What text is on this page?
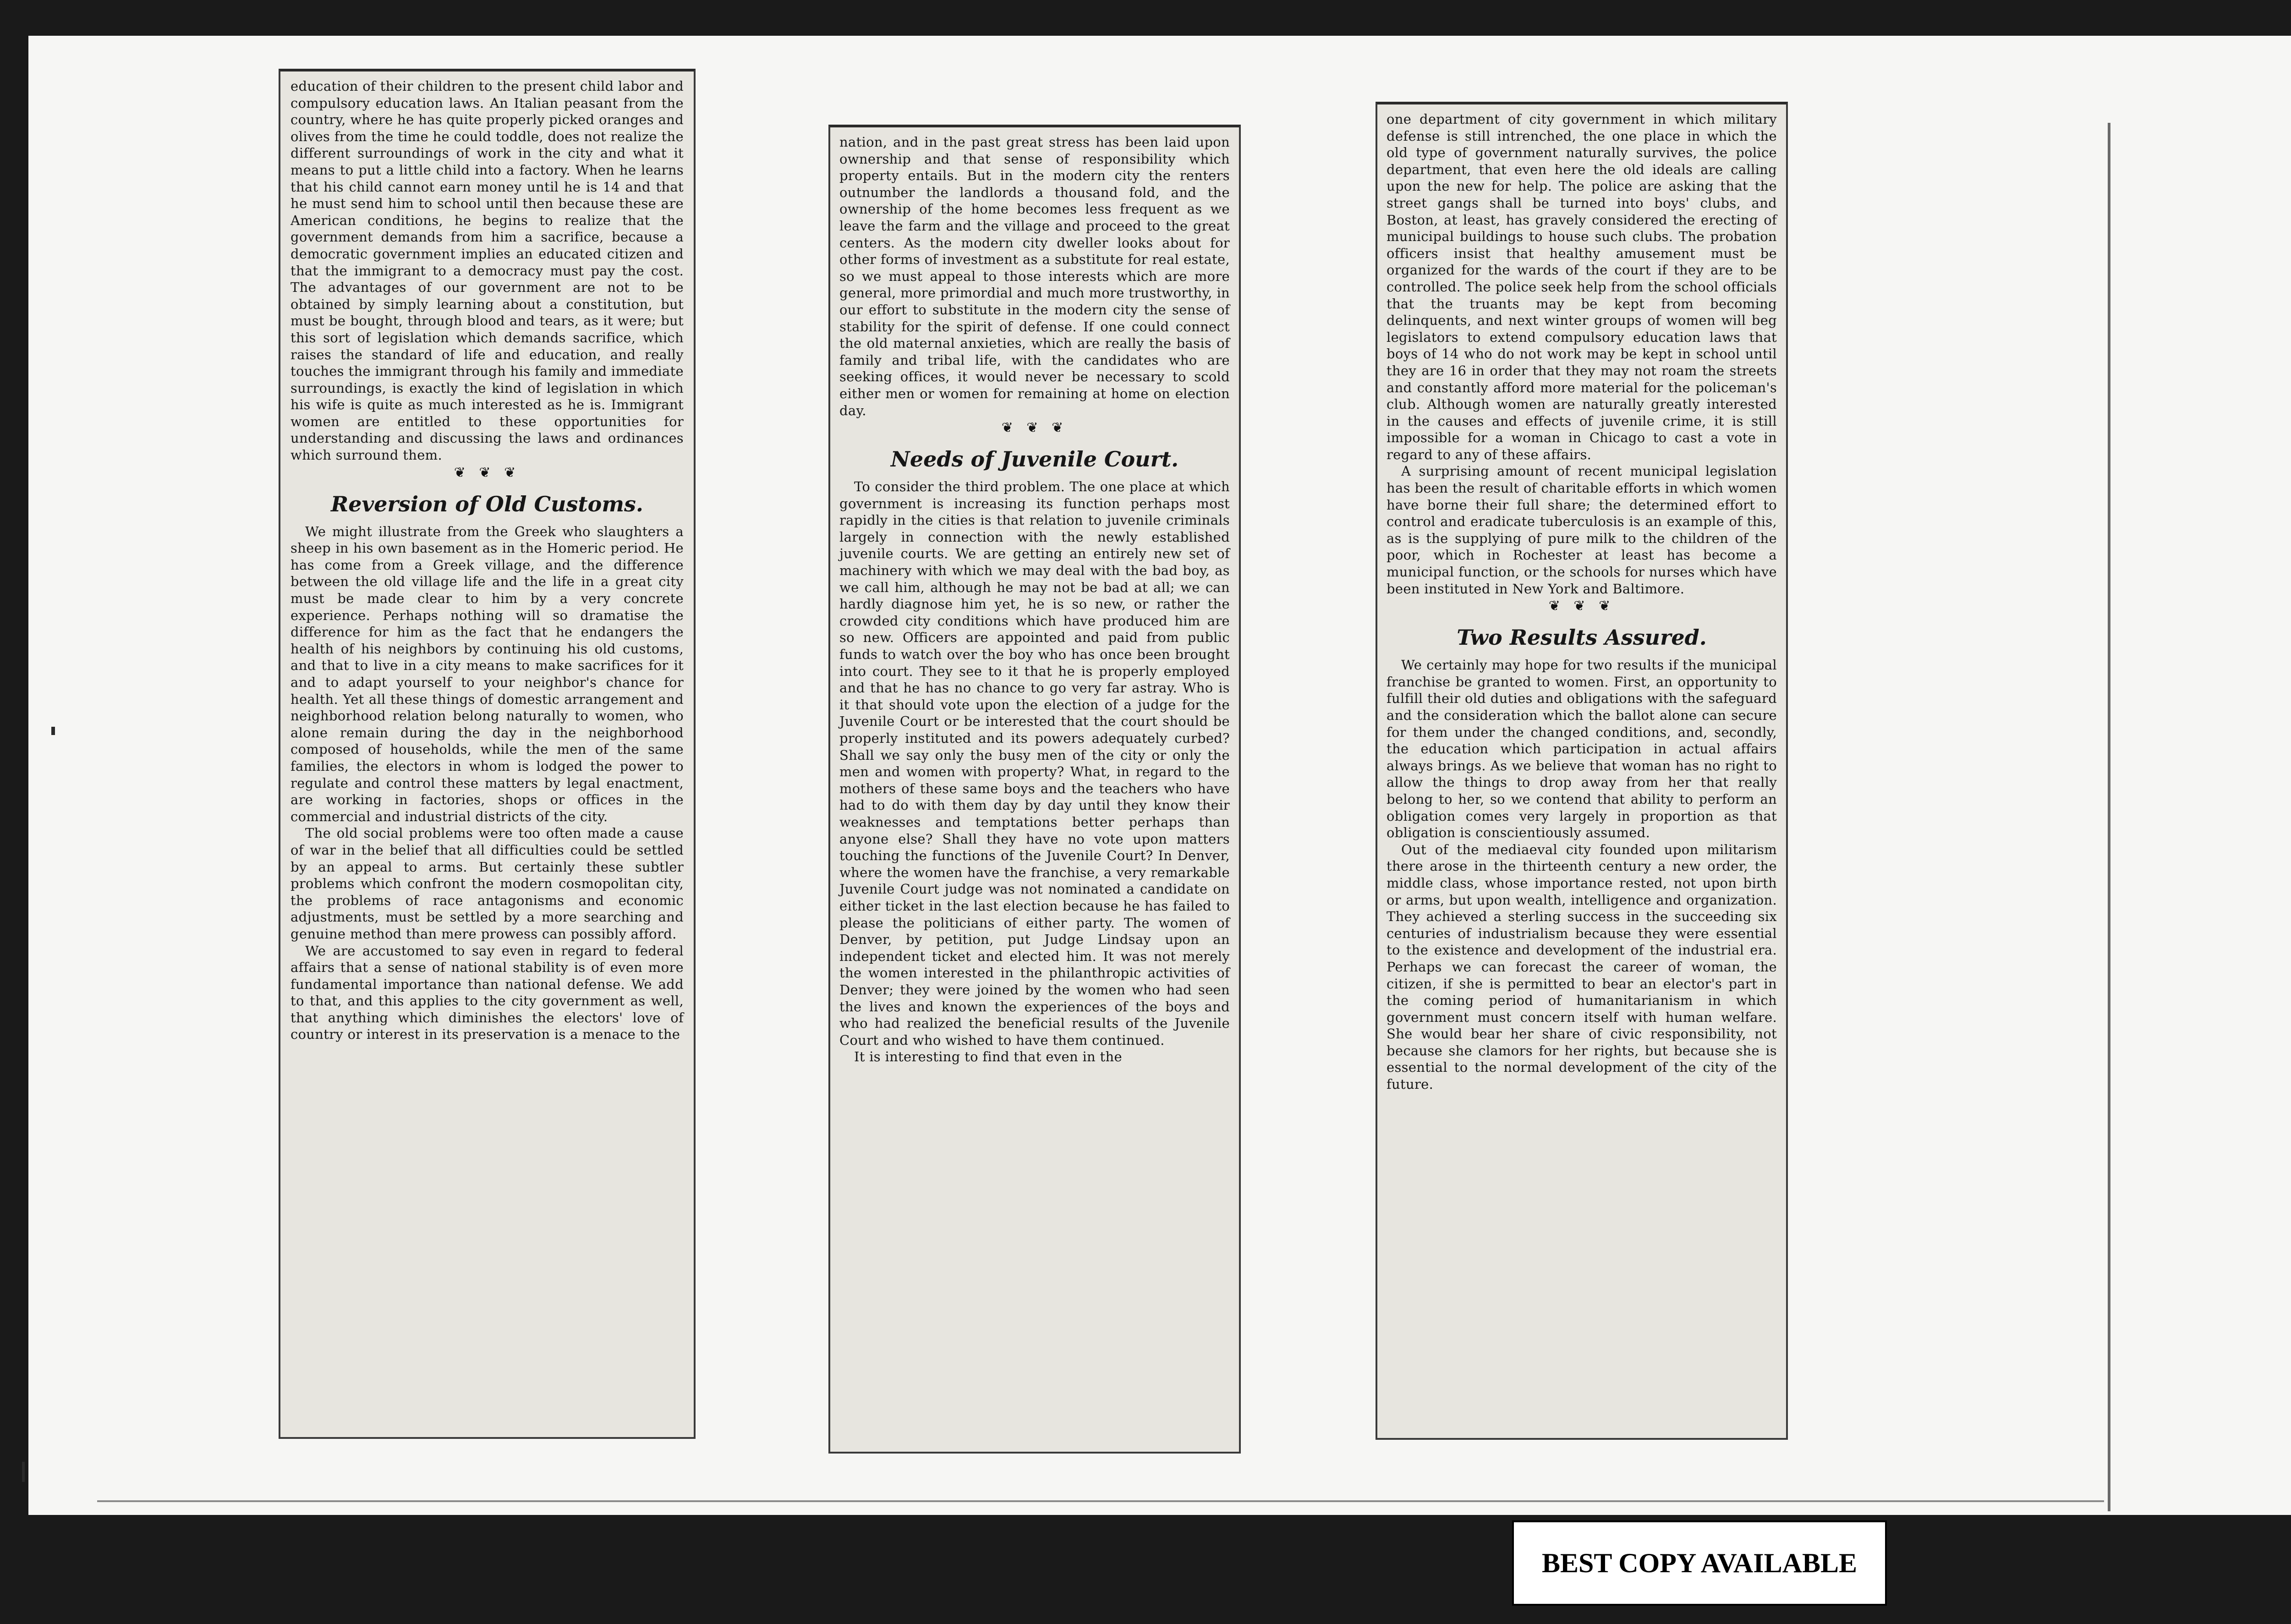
education of their children to the present child labor and compulsory education laws. An Italian peasant from the country, where he has quite properly picked oranges and olives from the time he could toddle, does not realize the different surroundings of work in the city and what it means to put a little child into a factory. When he learns that his child cannot earn money until he is 14 and that he must send him to school until then because these are American conditions, he begins to realize that the government demands from him a sacrifice, because a democratic government implies an educated citizen and that the immigrant to a democracy must pay the cost. The advantages of our government are not to be obtained by simply learning about a constitution, but must be bought, through blood and tears, as it were; but this sort of legislation which demands sacrifice, which raises the standard of life and education, and really touches the immigrant through his family and immediate surroundings, is exactly the kind of legislation in which his wife is quite as much interested as he is. Immigrant women are entitled to these opportunities for understanding and discussing the laws and ordinances which surround them.

❦ ❦ ❦
Reversion of Old Customs.

We might illustrate from the Greek who slaughters a sheep in his own basement as in the Homeric period. He has come from a Greek village, and the difference between the old village life and the life in a great city must be made clear to him by a very concrete experience. Perhaps nothing will so dramatise the difference for him as the fact that he endangers the health of his neighbors by continuing his old customs, and that to live in a city means to make sacrifices for it and to adapt yourself to your neighbor's chance for health. Yet all these things of domestic arrangement and neighborhood relation belong naturally to women, who alone remain during the day in the neighborhood composed of households, while the men of the same families, the electors in whom is lodged the power to regulate and control these matters by legal enactment, are working in factories, shops or offices in the commercial and industrial districts of the city.

The old social problems were too often made a cause of war in the belief that all difficulties could be settled by an appeal to arms. But certainly these subtler problems which confront the modern cosmopolitan city, the problems of race antagonisms and economic adjustments, must be settled by a more searching and genuine method than mere prowess can possibly afford.

We are accustomed to say even in regard to federal affairs that a sense of national stability is of even more fundamental importance than national defense. We add to that, and this applies to the city government as well, that anything which diminishes the electors' love of country or interest in its preservation is a menace to the

nation, and in the past great stress has been laid upon ownership and that sense of responsibility which property entails. But in the modern city the renters outnumber the landlords a thousand fold, and the ownership of the home becomes less frequent as we leave the farm and the village and proceed to the great centers. As the modern city dweller looks about for other forms of investment as a substitute for real estate, so we must appeal to those interests which are more general, more primordial and much more trustworthy, in our effort to substitute in the modern city the sense of stability for the spirit of defense. If one could connect the old maternal anxieties, which are really the basis of family and tribal life, with the candidates who are seeking offices, it would never be necessary to scold either men or women for remaining at home on election day.

❦ ❦ ❦
Needs of Juvenile Court.

To consider the third problem. The one place at which government is increasing its function perhaps most rapidly in the cities is that relation to juvenile criminals largely in connection with the newly established juvenile courts. We are getting an entirely new set of machinery with which we may deal with the bad boy, as we call him, although he may not be bad at all; we can hardly diagnose him yet, he is so new, or rather the crowded city conditions which have produced him are so new. Officers are appointed and paid from public funds to watch over the boy who has once been brought into court. They see to it that he is properly employed and that he has no chance to go very far astray. Who is it that should vote upon the election of a judge for the Juvenile Court or be interested that the court should be properly instituted and its powers adequately curbed? Shall we say only the busy men of the city or only the men and women with property? What, in regard to the mothers of these same boys and the teachers who have had to do with them day by day until they know their weaknesses and temptations better perhaps than anyone else? Shall they have no vote upon matters touching the functions of the Juvenile Court? In Denver, where the women have the franchise, a very remarkable Juvenile Court judge was not nominated a candidate on either ticket in the last election because he has failed to please the politicians of either party. The women of Denver, by petition, put Judge Lindsay upon an independent ticket and elected him. It was not merely the women interested in the philanthropic activities of Denver; they were joined by the women who had seen the lives and known the experiences of the boys and who had realized the beneficial results of the Juvenile Court and who wished to have them continued.

It is interesting to find that even in the

one department of city government in which military defense is still intrenched, the one place in which the old type of government naturally survives, the police department, that even here the old ideals are calling upon the new for help. The police are asking that the street gangs shall be turned into boys' clubs, and Boston, at least, has gravely considered the erecting of municipal buildings to house such clubs. The probation officers insist that healthy amusement must be organized for the wards of the court if they are to be controlled. The police seek help from the school officials that the truants may be kept from becoming delinquents, and next winter groups of women will beg legislators to extend compulsory education laws that boys of 14 who do not work may be kept in school until they are 16 in order that they may not roam the streets and constantly afford more material for the policeman's club. Although women are naturally greatly interested in the causes and effects of juvenile crime, it is still impossible for a woman in Chicago to cast a vote in regard to any of these affairs.

A surprising amount of recent municipal legislation has been the result of charitable efforts in which women have borne their full share; the determined effort to control and eradicate tuberculosis is an example of this, as is the supplying of pure milk to the children of the poor, which in Rochester at least has become a municipal function, or the schools for nurses which have been instituted in New York and Baltimore.

❦ ❦ ❦
Two Results Assured.

We certainly may hope for two results if the municipal franchise be granted to women. First, an opportunity to fulfill their old duties and obligations with the safeguard and the consideration which the ballot alone can secure for them under the changed conditions, and, secondly, the education which participation in actual affairs always brings. As we believe that woman has no right to allow the things to drop away from her that really belong to her, so we contend that ability to perform an obligation comes very largely in proportion as that obligation is conscientiously assumed.

Out of the mediaeval city founded upon militarism there arose in the thirteenth century a new order, the middle class, whose importance rested, not upon birth or arms, but upon wealth, intelligence and organization. They achieved a sterling success in the succeeding six centuries of industrialism because they were essential to the existence and development of the industrial era. Perhaps we can forecast the career of woman, the citizen, if she is permitted to bear an elector's part in the coming period of humanitarianism in which government must concern itself with human welfare. She would bear her share of civic responsibility, not because she clamors for her rights, but because she is essential to the normal development of the city of the future.

BEST COPY AVAILABLE
